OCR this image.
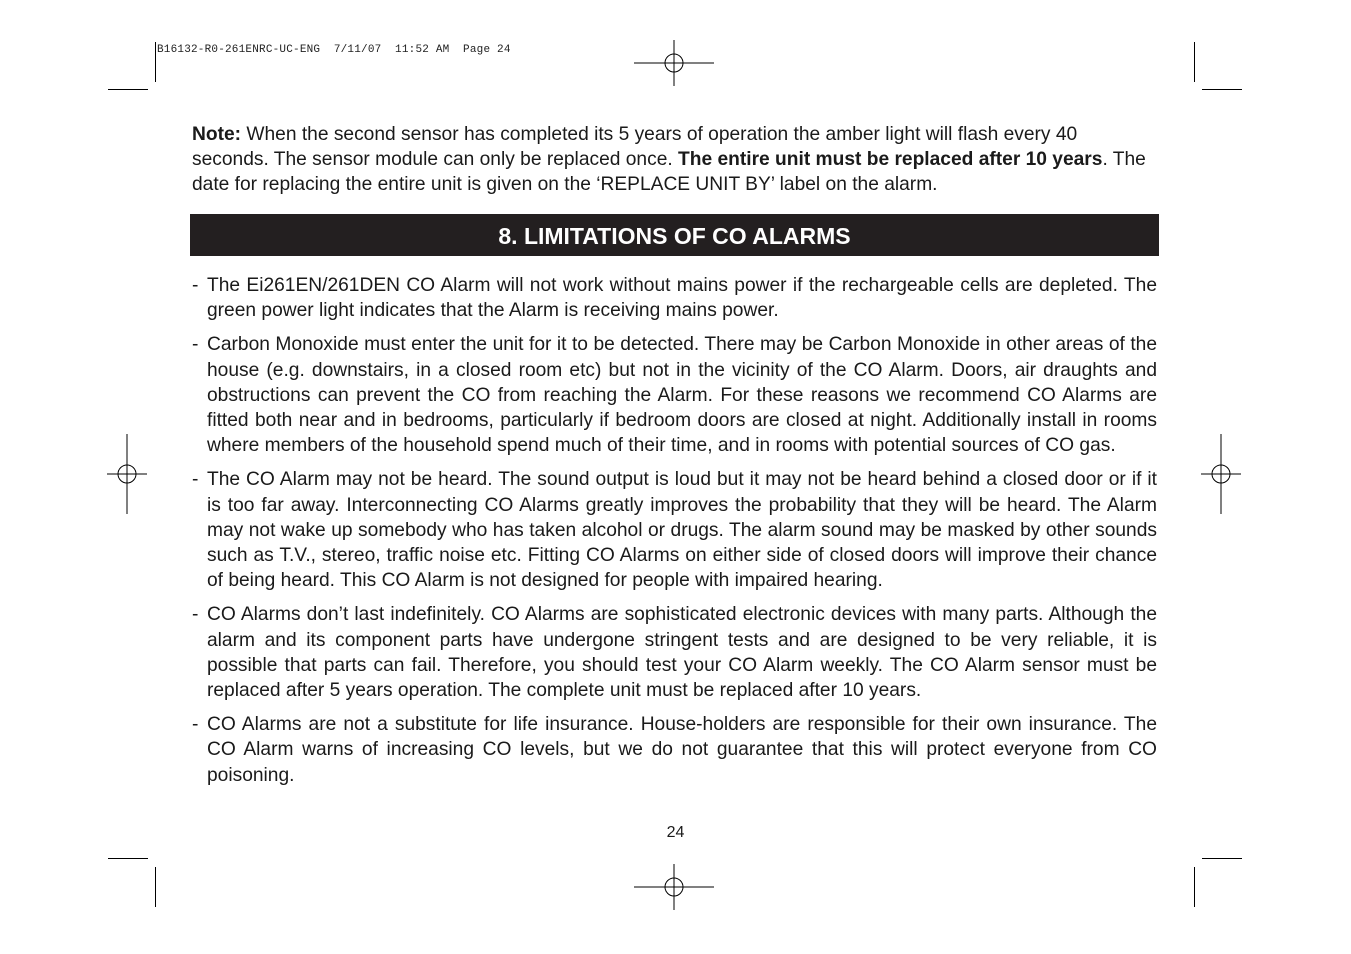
B16132-R0-261ENRC-UC-ENG  7/11/07  11:52 AM  Page 24

Note: When the second sensor has completed its 5 years of operation the amber light will flash every 40 seconds. The sensor module can only be replaced once. The entire unit must be replaced after 10 years. The date for replacing the entire unit is given on the ‘REPLACE UNIT BY’ label on the alarm.

8. LIMITATIONS OF CO ALARMS
- The Ei261EN/261DEN CO Alarm will not work without mains power if the rechargeable cells are depleted. The green power light indicates that the Alarm is receiving mains power.
- Carbon Monoxide must enter the unit for it to be detected. There may be Carbon Monoxide in other areas of the house (e.g. downstairs, in a closed room etc) but not in the vicinity of the CO Alarm. Doors, air draughts and obstructions can prevent the CO from reaching the Alarm. For these reasons we recommend CO Alarms are fitted both near and in bedrooms, particularly if bedroom doors are closed at night. Additionally install in rooms where members of the household spend much of their time, and in rooms with potential sources of CO gas.
- The CO Alarm may not be heard. The sound output is loud but it may not be heard behind a closed door or if it is too far away. Interconnecting CO Alarms greatly improves the probability that they will be heard. The Alarm may not wake up somebody who has taken alcohol or drugs. The alarm sound may be masked by other sounds such as T.V., stereo, traffic noise etc. Fitting CO Alarms on either side of closed doors will improve their chance of being heard. This CO Alarm is not designed for people with impaired hearing.
- CO Alarms don’t last indefinitely. CO Alarms are sophisticated electronic devices with many parts. Although the alarm and its component parts have undergone stringent tests and are designed to be very reliable, it is possible that parts can fail. Therefore, you should test your CO Alarm weekly. The CO Alarm sensor must be replaced after 5 years operation. The complete unit must be replaced after 10 years.
- CO Alarms are not a substitute for life insurance. House-holders are responsible for their own insurance. The CO Alarm warns of increasing CO levels, but we do not guarantee that this will protect everyone from CO poisoning.
24
